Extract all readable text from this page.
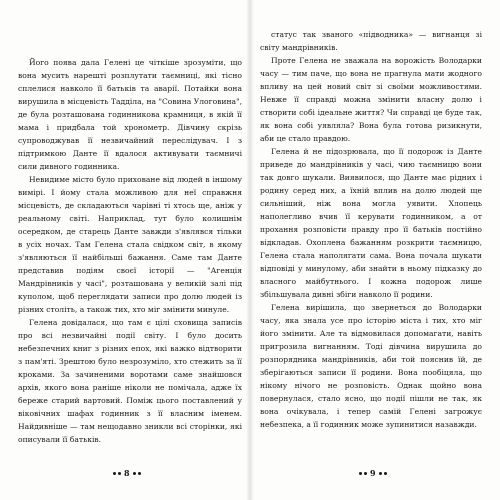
Його поява дала Гелені це чіткіше зрозуміти, що вона мусить нарешті розплутати таємниці, які тісно сплелися навколо її батьків та аварії. Потайки вона вирушила в місцевість Тадділа, на "Совина Улоговина", де була розташована годинникова крамниця, в якій її мама і придбала той хронометр. Дівчину скрізь супроводжував її незвичайний переслідувач. І з підтримкою Данте її вдалося активувати таємничі сили дивного годинника.

Невидиме місто було приховане від людей в іншому вимірі. І йому стала можливою для неї справжня місцевість, де складаються чарівні ті хтось ще, аніж у реальному світі. Наприклад, тут було колишнім осередком, де старець Данте завжди з'являвся тільки в усіх ночах. Там Гелена стала свідком світ, в якому з'являються її найбільші бажання. Саме там Данте представив подіям своєї історії — "Агенція Мандрівників у часі", розташована у великій залі під куполом, щоб переглядати записи про долю людей із різних століть, а також тих, хто міг змінити минуле.

Гелена довідалася, що там є цілі сховища записів про всі незвичайні події світу. І було досить небезпечних книг з різних епох, які важко відтворити з пам'яті. Зрештою було незрозуміло, хто стежить за її кроками. За зачиненими воротами саме знайшовся архів, якого вона раніше ніколи не помічала, адже їх береже старий вартовий. Поміж цього поставлений у віковічних шафах годинник з її власним іменем. Найдивніше — там нещодавно зникли всі сторінки, які описували її батьків.

8

статус так званого «підводника» — вигнанця зі світу мандрівників.

Проте Гелена не зважала на ворожість Володарки часу — тим паче, що вона не прагнула мати жодного впливу на цей новий світ зі своїми можливостями. Невже її справді можна змінити власну долю і створити собі ідеальне життя? Чи справді це буде так, як вона собі уявляла? Вона була готова ризикнути, аби це стало правдою.

Гелена й не підозрювала, що її подорож із Данте приведе до мандрівників у часі, чию таємницю вони так довго шукали. Виявилося, що Данте має рідних і родину серед них, а їхній вплив на долю людей ще сильніший, ніж вона могла уявити. Хлопець наполегливо вчив її керувати годинником, а от прохання розповісти правду про її батьків постійно відкладав. Охоплена бажанням розкрити таємницю, Гелена стала наполягати сама. Вона почала шукати відповіді у минулому, аби знайти в ньому підказку до власного майбутнього. І кожна подорож лише збільшувала дивні збіги навколо її родини.

Гелена вирішила, що звернеться до Володарки часу, яка знала усе про історію міста і тих, хто міг його змінити. Але та відмовилася допомагати, навіть пригрозила вигнанням. Тоді дівчина вирушила до розпорядника мандрівників, аби той пояснив їй, де зберігаються записи її родини. Вона пообіцяла, що нікому нічого не розповість. Однак щойно вона повернулася, стало ясно, що події пішли не так, як вона очікувала, і тепер самій Гелені загрожує небезпека, а її годинник може зупинитися назавжди.

9
